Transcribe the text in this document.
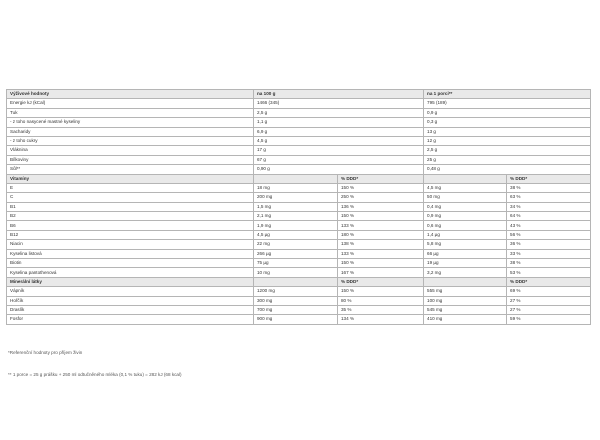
Výživové hodnoty	na 100 g		na 1 porci**	
Energie kJ (kCal)	1466 (345)		795 (189)	
Tuk	2,5 g		0,9 g	
- z toho nasycené mastné kyseliny	1,1 g		0,3 g	
Sacharidy	6,9 g		13 g	
- z toho cukry	4,5 g		12 g	
Vláknina	17 g		2,5 g	
Bílkoviny	67 g		25 g	
Sůl**	0,90 g		0,48 g	
Vitamíny		% DDD*		% DDD*
E	18 mg	150 %	4,5 mg	38 %
C	200 mg	250 %	50 mg	63 %
B1	1,5 mg	136 %	0,4 mg	34 %
B2	2,1 mg	150 %	0,9 mg	64 %
B6	1,9 mg	133 %	0,6 mg	43 %
B12	4,5 µg	180 %	1,4 µg	56 %
Niacin	22 mg	138 %	5,8 mg	36 %
Kyselina listová	266 µg	133 %	66 µg	33 %
Biotin	75 µg	150 %	19 µg	38 %
Kyselina pantothenová	10 mg	167 %	3,2 mg	53 %
Minerální látky		% DDD*		% DDD*
Vápník	1200 mg	150 %	555 mg	69 %
Hořčík	300 mg	80 %	100 mg	27 %
Draslík	700 mg	35 %	545 mg	27 %
Fosfor	900 mg	134 %	410 mg	59 %
*Referenční hodnoty pro příjem živin
** 1 porce = 25 g prášku + 250 ml odtučněného mléka (0,1 % tuku) = 282 kJ (68 kcal)
